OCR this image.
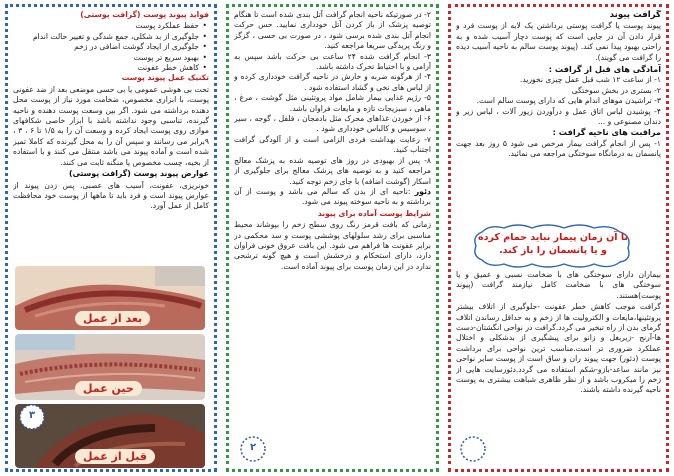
فواید پیوند پوست (گرافت پوستی)

• حفظ عملکرد پوست
• جلوگیری از بد شکلی، جمع شدگی و تغییر حالت اندام
• جلوگیری از ایجاد گوشت اضافی در زخم
• بهبود سریع تر پوست
• کاهش خطر عفونت

تکنیک عمل پیوند پوست

تحت بی هوشی عمومی یا بی حسی موضعی بعد از ضد عفونی پوست، با ابزاری مخصوص، ضخامت مورد نیاز از پوست محل دهنده برداشته می شود. اگر بین وسعت پوست دهنده و ناحیه گیرنده، تناسبی وجود نداشته باشد با ابزار خاصی شکافهای موازی روی پوست ایجاد کرده و وسعت آن را به ۱/۵ تا ۶ ، ۳ ، ۹برابر می رسانند و سپس آن را به محل گیرنده که کاملا تمیز شده است و آماده پیوند می باشد منتقل می کنند و با استفاده از بخیه، چسب مخصوص یا منگنه ثابت می کنند.

عوارض پیوند پوست (گرافت پوستی)

خونریزی، عفونت، آسیب های عصبی. پس زدن پیوند از عوارض پیوند است و فرد باید تا ماهها از پوست خود محافظت کامل از عمل آورد.

بعد از عمل
حین عمل
قبل از عمل
۳
۲- در صورتیکه ناحیه انجام گرافت آتل بندی شده است تا هنگام توصیه پزشک از باز کردن آتل خودداری نمایید. حس حرکت انجام آتل بندی شده برسی شود ، در صورت بی حسی ، گزگز و رنگ پریدگی سریعا مراجعه کنید.
۳- انجام گرافت شده ۲۴ ساعت بی حرکت باشد سپس به آرامی و با احتیاط تحرک داشته باشد.
۴- از هرگونه ضربه و خارش در ناحیه گرافت خودداری کرده و از لباس های نخی و گشاد استفاده شود .
۵- رژیم غذایی بیمار شامل مواد پروتئینی مثل گوشت ، مرغ ، ماهی ، سبزیجات تازه و مایعات فراوان باشد.
۶- از خوردن غذاهای محرک مثل بادمجان ، فلفل ، گوجه ، سیر ، سوسیس و کالباس خودداری شود .
۷- رعایت بهداشت فردی الزامی است و از آلودگی گرافت اجتناب کنید.
۸- پس از بهبودی در روز های توصیه شده به پزشک معالج مراجعه کنید و به توصیه های پزشک معالج برای جلوگیری از اسکار (گوشت اضافه) با جای زخم توجه کنید.

دئور :ناحیه ای از بدن که سالم می باشد و پوست از آن برداشته و به ناحیه سوخته پیوند می شود.

شرایط پوست آماده برای پیوند

زمانی که بافت قرمز رنگ روی سطح زخم را بپوشاند محیط مناسبی برای رشد سلولهای پوششی پوست و سد محکمی در برابر عفونت ها فراهم می شود. این بافت عروق خونی فراوان دارد، دارای استحکام و درخشش است و هیچ گونه ترشحی ندارد در این زمان پوست برای پیوند آماده است.

۲

گرافت پیوند

پیوند پوست یا گرافت پوستی برداشتن یک لایه از پوست فرد و قرار دادن آن در جایی است که پوست دچار آسیب شده و به راحتی بهبود پیدا نمی کند. (پیوند پوست سالم به ناحیه آسیب دیده را گرافت می گویند).

آمادگی های قبل از گرافت :

۱- از ساعت ۱۲ شب قبل عمل چیزی نخورید.
۲- بستری در بخش سوختگی
۳- تراشیدن موهای اندام هایی که دارای پوست سالم است.
۴- پوشیدن لباس اتاق عمل و درآوردن زیور آلات ، لباس زیر و دندان مصنوعی و ...

مراقبت های ناحیه گرافت :

۱- پس از انجام گرافت بیمار مرخص می شود ۵ روز بعد جهت پانسمان به درمانگاه سوختگی مراجعه می نمائید.
تا آن زمان پیمار نباید حمام کرده و یا پانسمان را باز کند.

بیماران دارای سوختگی های با ضخامت نسبی و عمیق و یا سوختگی های با ضخامت کامل نیازمند گرافت (پیوند پوست)هستند.

گرافت موجب کاهش خطر عفونت -جلوگیری از اتلاف بیشتر پروتئینها،مایعات و الکترولیت ها از زخم و به حداقل رساندن اتلاف گرمای بدن از راه تبخیر می گردد.گرافت در نواحی انگشتان-دست ها-آرنج -زیربغل و زانو برای پیشگیری از بدشکلی و اختلال عملکرد ضروری تر است.مناسب ترین نواحی برای برداشت پوست (دئور) جهت پیوند ران و ساق است از پوست سایر نواحی نیز مانند ساعد-بازو-شکم استفاده می گردد.دئورسایت هایی از زخم را میکروب باشد و از نظر ظاهری شباهت بیشتری به پوست ناحیه گیرنده داشته باشند.
